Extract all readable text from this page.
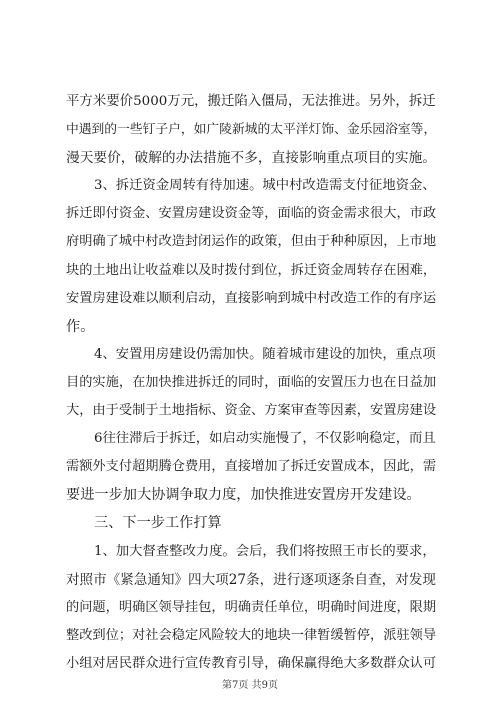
平方米要价5000万元，搬迁陷入僵局，无法推进。另外，拆迁
中遇到的一些钉子户，如广陵新城的太平洋灯饰、金乐园浴室等，
漫天要价，破解的办法措施不多，直接影响重点项目的实施。
3、拆迁资金周转有待加速。城中村改造需支付征地资金、
拆迁即付资金、安置房建设资金等，面临的资金需求很大，市政
府明确了城中村改造封闭运作的政策，但由于种种原因，上市地
块的土地出让收益难以及时拨付到位，拆迁资金周转存在困难，
安置房建设难以顺利启动，直接影响到城中村改造工作的有序运
作。
4、安置用房建设仍需加快。随着城市建设的加快，重点项
目的实施，在加快推进拆迁的同时，面临的安置压力也在日益加
大，由于受制于土地指标、资金、方案审查等因素，安置房建设
6往往滞后于拆迁，如启动实施慢了，不仅影响稳定，而且
需额外支付超期腾仓费用，直接增加了拆迁安置成本，因此，需
要进一步加大协调争取力度，加快推进安置房开发建设。
三、下一步工作打算
1、加大督查整改力度。会后，我们将按照王市长的要求，
对照市《紧急通知》四大项27条，进行逐项逐条自查，对发现
的问题，明确区领导挂包，明确责任单位，明确时间进度，限期
整改到位；对社会稳定风险较大的地块一律暂缓暂停，派驻领导
小组对居民群众进行宣传教育引导，确保赢得绝大多数群众认可
第7页 共9页
